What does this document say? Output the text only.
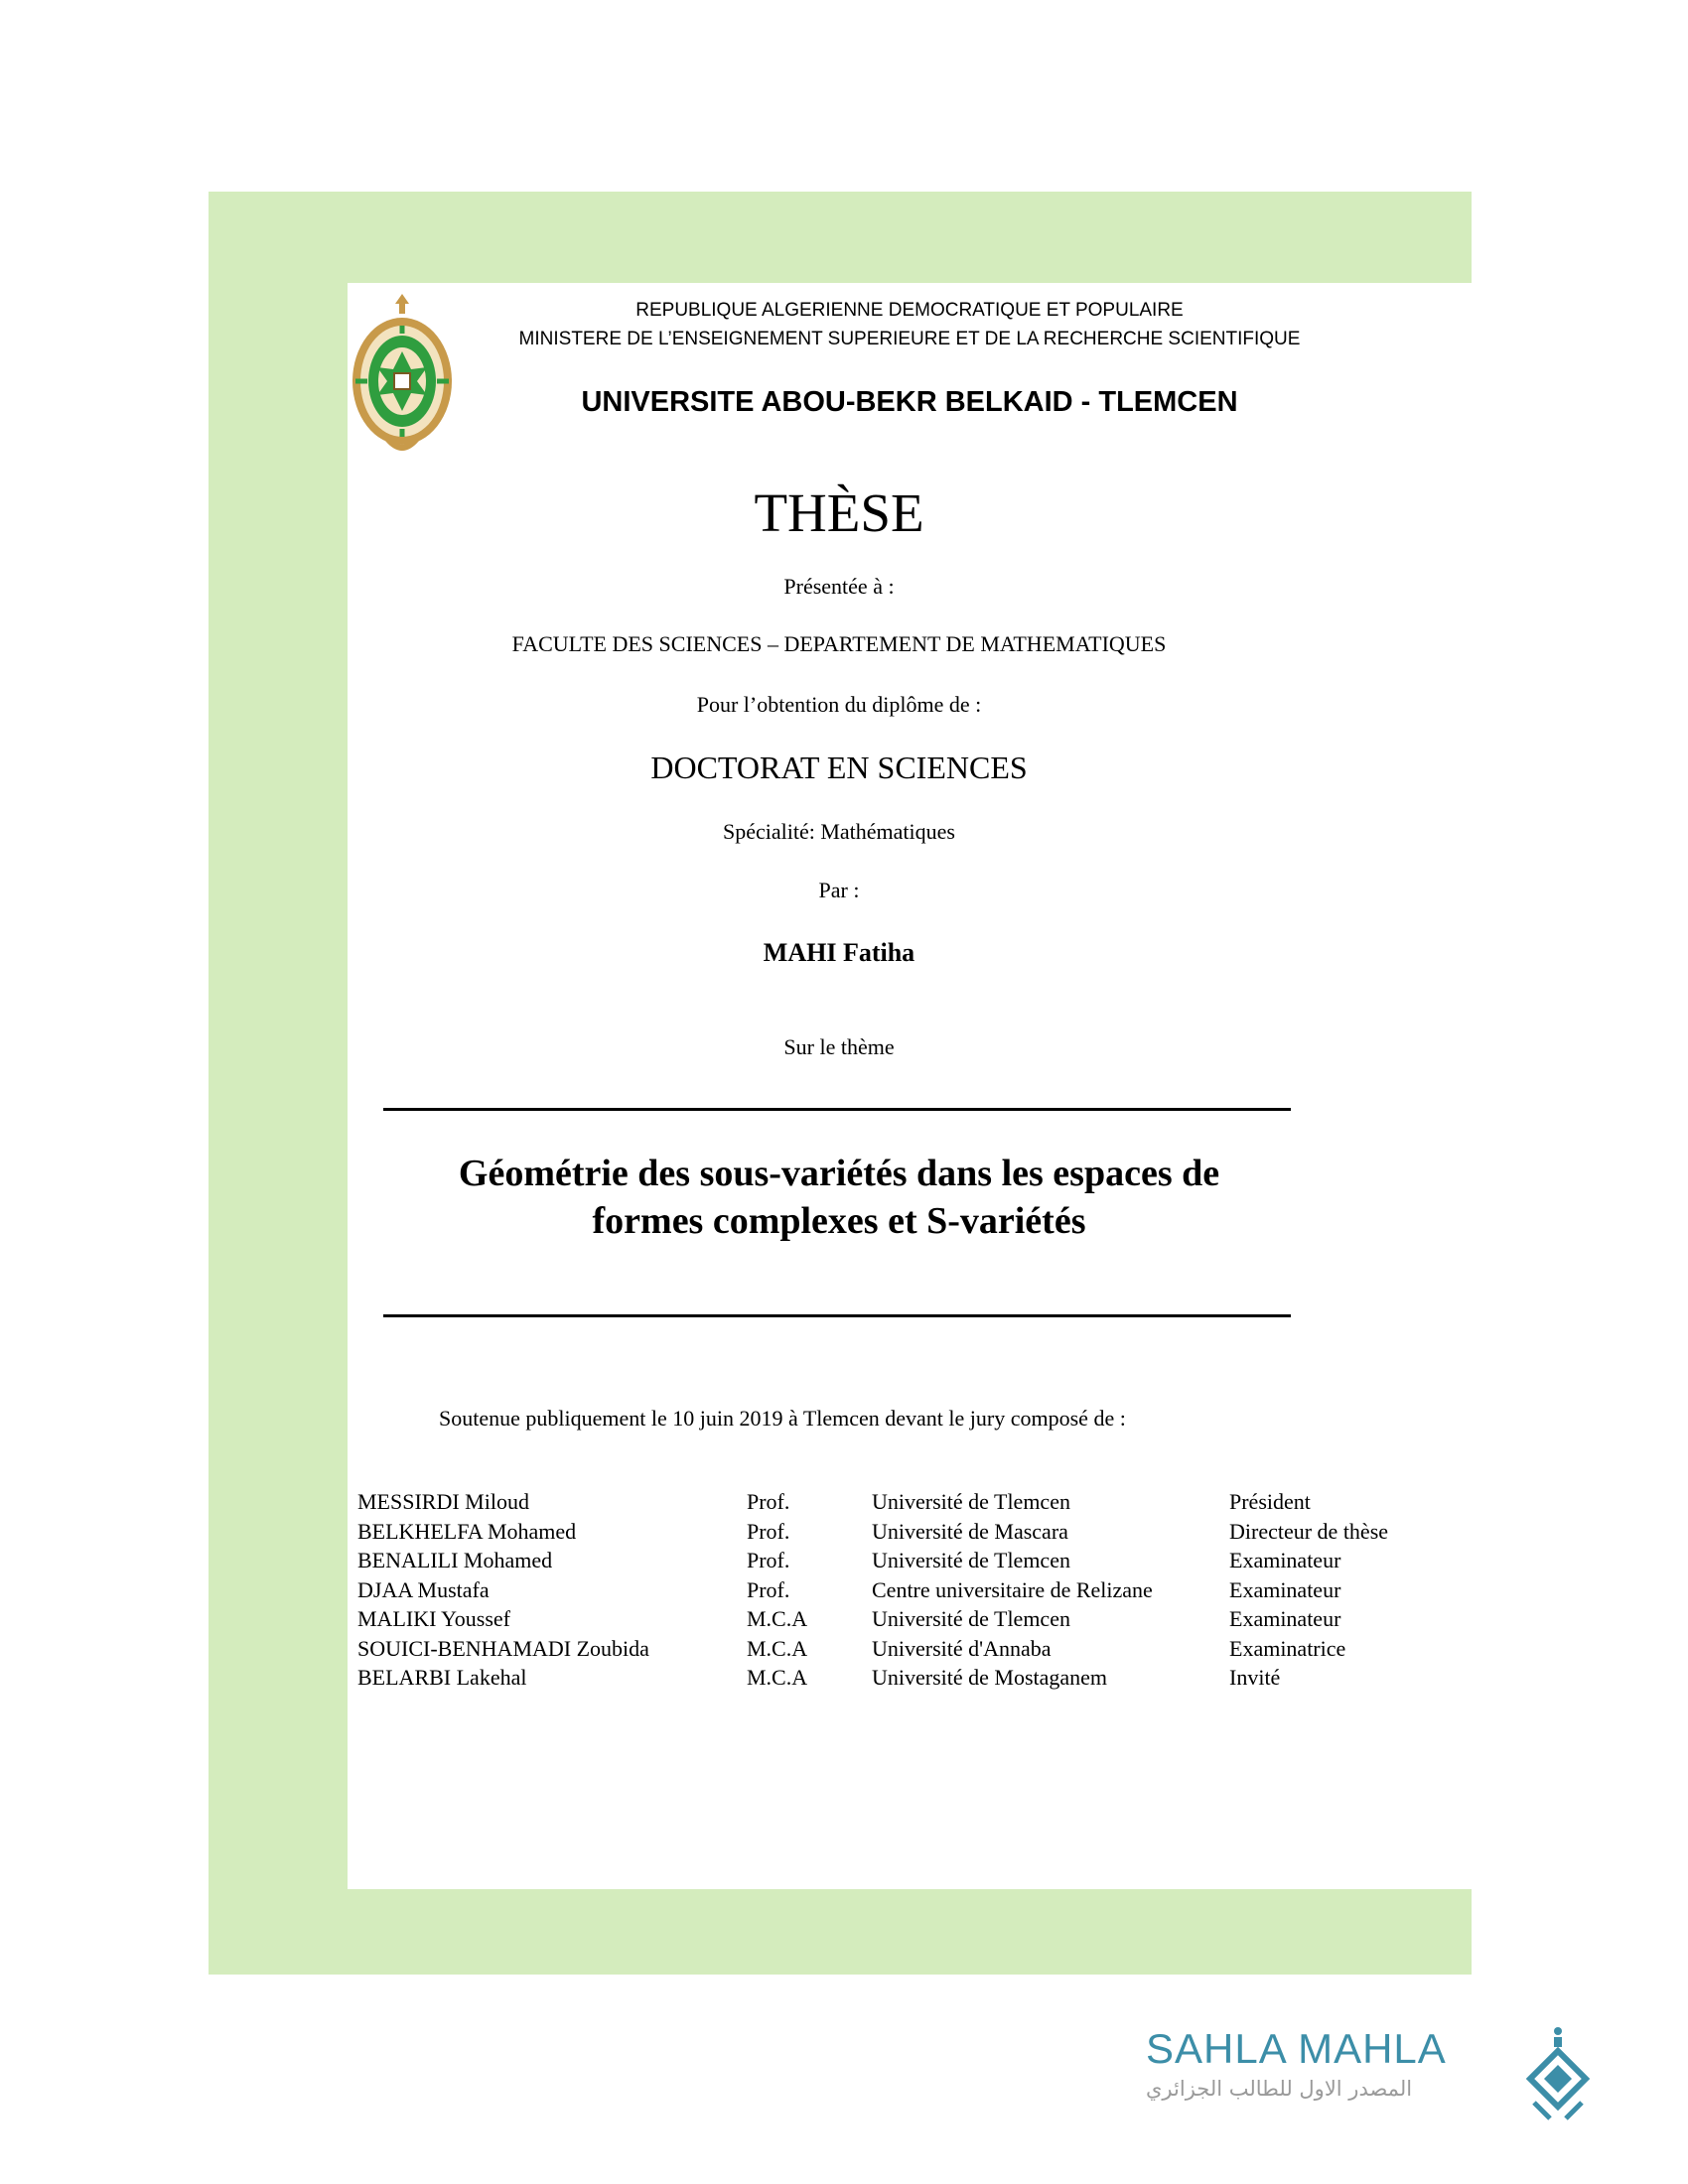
REPUBLIQUE ALGERIENNE DEMOCRATIQUE ET POPULAIRE
MINISTERE DE L’ENSEIGNEMENT SUPERIEURE ET DE LA RECHERCHE SCIENTIFIQUE
UNIVERSITE ABOU-BEKR BELKAID - TLEMCEN
THÈSE
Présentée à :
FACULTE DES SCIENCES – DEPARTEMENT DE MATHEMATIQUES
Pour l’obtention du diplôme de :
DOCTORAT EN SCIENCES
Spécialité: Mathématiques
Par :
MAHI Fatiha
Sur le thème
Géométrie des sous-variétés dans les espaces de
formes complexes et S-variétés
Soutenue publiquement le 10 juin 2019 à Tlemcen devant le jury composé de :
MESSIRDI Miloud	Prof.	Université de Tlemcen	Président
BELKHELFA Mohamed	Prof.	Université de Mascara	Directeur de thèse
BENALILI Mohamed	Prof.	Université de Tlemcen	Examinateur
DJAA Mustafa	Prof.	Centre universitaire de Relizane	Examinateur
MALIKI Youssef	M.C.A	Université de Tlemcen	Examinateur
SOUICI-BENHAMADI Zoubida	M.C.A	Université d'Annaba	Examinatrice
BELARBI Lakehal	M.C.A	Université de Mostaganem	Invité
SAHLA MAHLA
المصدر الاول للطالب الجزائري
